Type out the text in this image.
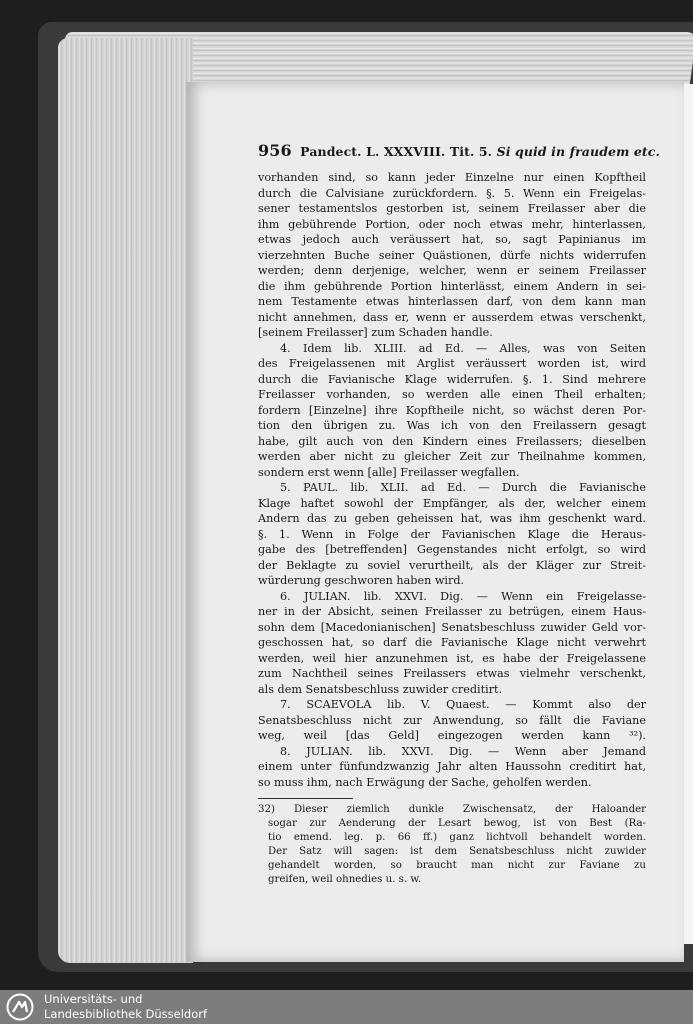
956 Pandect. L. XXXVIII. Tit. 5. Si quid in fraudem etc.
vorhanden sind, so kann jeder Einzelne nur einen Kopftheil
durch die Calvisiane zurückfordern. §. 5. Wenn ein Freigelas-
sener testamentslos gestorben ist, seinem Freilasser aber die
ihm gebührende Portion, oder noch etwas mehr, hinterlassen,
etwas jedoch auch veräussert hat, so, sagt Papinianus im
vierzehnten Buche seiner Quästionen, dürfe nichts widerrufen
werden; denn derjenige, welcher, wenn er seinem Freilasser
die ihm gebührende Portion hinterlässt, einem Andern in sei-
nem Testamente etwas hinterlassen darf, von dem kann man
nicht annehmen, dass er, wenn er ausserdem etwas verschenkt,
[seinem Freilasser] zum Schaden handle.
4. Idem lib. XLIII. ad Ed. — Alles, was von Seiten
des Freigelassenen mit Arglist veräussert worden ist, wird
durch die Favianische Klage widerrufen. §. 1. Sind mehrere
Freilasser vorhanden, so werden alle einen Theil erhalten;
fordern [Einzelne] ihre Kopftheile nicht, so wächst deren Por-
tion den übrigen zu. Was ich von den Freilassern gesagt
habe, gilt auch von den Kindern eines Freilassers; dieselben
werden aber nicht zu gleicher Zeit zur Theilnahme kommen,
sondern erst wenn [alle] Freilasser wegfallen.
5. PAUL. lib. XLII. ad Ed. — Durch die Favianische
Klage haftet sowohl der Empfänger, als der, welcher einem
Andern das zu geben geheissen hat, was ihm geschenkt ward.
§. 1. Wenn in Folge der Favianischen Klage die Heraus-
gabe des [betreffenden] Gegenstandes nicht erfolgt, so wird
der Beklagte zu soviel verurtheilt, als der Kläger zur Streit-
würderung geschworen haben wird.
6. JULIAN. lib. XXVI. Dig. — Wenn ein Freigelasse-
ner in der Absicht, seinen Freilasser zu betrügen, einem Haus-
sohn dem [Macedonianischen] Senatsbeschluss zuwider Geld vor-
geschossen hat, so darf die Favianische Klage nicht verwehrt
werden, weil hier anzunehmen ist, es habe der Freigelassene
zum Nachtheil seines Freilassers etwas vielmehr verschenkt,
als dem Senatsbeschluss zuwider creditirt.
7. SCAEVOLA lib. V. Quaest. — Kommt also der
Senatsbeschluss nicht zur Anwendung, so fällt die Faviane
weg, weil [das Geld] eingezogen werden kann ³²).
8. JULIAN. lib. XXVI. Dig. — Wenn aber Jemand
einem unter fünfundzwanzig Jahr alten Haussohn creditirt hat,
so muss ihm, nach Erwägung der Sache, geholfen werden.
32) Dieser ziemlich dunkle Zwischensatz, der Haloander
sogar zur Aenderung der Lesart bewog, ist von Best (Ra-
tio emend. leg. p. 66 ff.) ganz lichtvoll behandelt worden.
Der Satz will sagen: ist dem Senatsbeschluss nicht zuwider
gehandelt worden, so braucht man nicht zur Faviane zu
greifen, weil ohnedies u. s. w.
Universitäts- und
Landesbibliothek Düsseldorf
